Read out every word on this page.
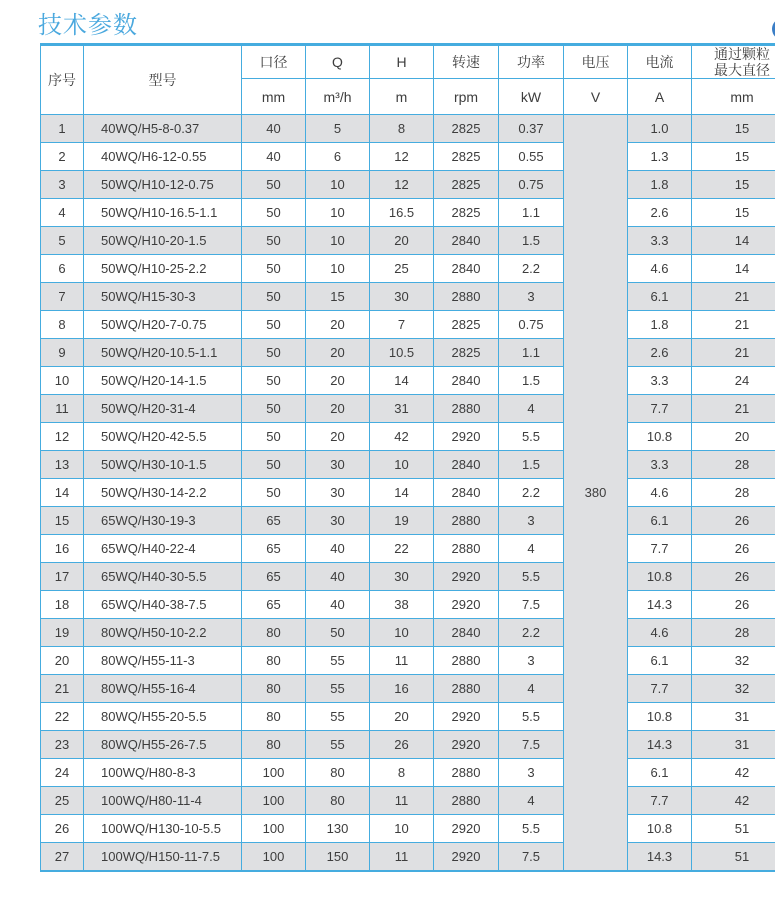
技术参数
序号	型号	口径	Q	H	转速	功率	电压	电流	通过颗粒
最大直径

		mm	m³/h	m	rpm	kW	V	A	mm
1	40WQ/H5-8-0.37	40	5	8	2825	0.37	380	1.0	15
2	40WQ/H6-12-0.55	40	6	12	2825	0.55		1.3	15
3	50WQ/H10-12-0.75	50	10	12	2825	0.75		1.8	15
4	50WQ/H10-16.5-1.1	50	10	16.5	2825	1.1		2.6	15
5	50WQ/H10-20-1.5	50	10	20	2840	1.5		3.3	14
6	50WQ/H10-25-2.2	50	10	25	2840	2.2		4.6	14
7	50WQ/H15-30-3	50	15	30	2880	3		6.1	21
8	50WQ/H20-7-0.75	50	20	7	2825	0.75		1.8	21
9	50WQ/H20-10.5-1.1	50	20	10.5	2825	1.1		2.6	21
10	50WQ/H20-14-1.5	50	20	14	2840	1.5		3.3	24
11	50WQ/H20-31-4	50	20	31	2880	4		7.7	21
12	50WQ/H20-42-5.5	50	20	42	2920	5.5		10.8	20
13	50WQ/H30-10-1.5	50	30	10	2840	1.5		3.3	28
14	50WQ/H30-14-2.2	50	30	14	2840	2.2		4.6	28
15	65WQ/H30-19-3	65	30	19	2880	3		6.1	26
16	65WQ/H40-22-4	65	40	22	2880	4		7.7	26
17	65WQ/H40-30-5.5	65	40	30	2920	5.5		10.8	26
18	65WQ/H40-38-7.5	65	40	38	2920	7.5		14.3	26
19	80WQ/H50-10-2.2	80	50	10	2840	2.2		4.6	28
20	80WQ/H55-11-3	80	55	11	2880	3		6.1	32
21	80WQ/H55-16-4	80	55	16	2880	4		7.7	32
22	80WQ/H55-20-5.5	80	55	20	2920	5.5		10.8	31
23	80WQ/H55-26-7.5	80	55	26	2920	7.5		14.3	31
24	100WQ/H80-8-3	100	80	8	2880	3		6.1	42
25	100WQ/H80-11-4	100	80	11	2880	4		7.7	42
26	100WQ/H130-10-5.5	100	130	10	2920	5.5		10.8	51
27	100WQ/H150-11-7.5	100	150	11	2920	7.5		14.3	51
